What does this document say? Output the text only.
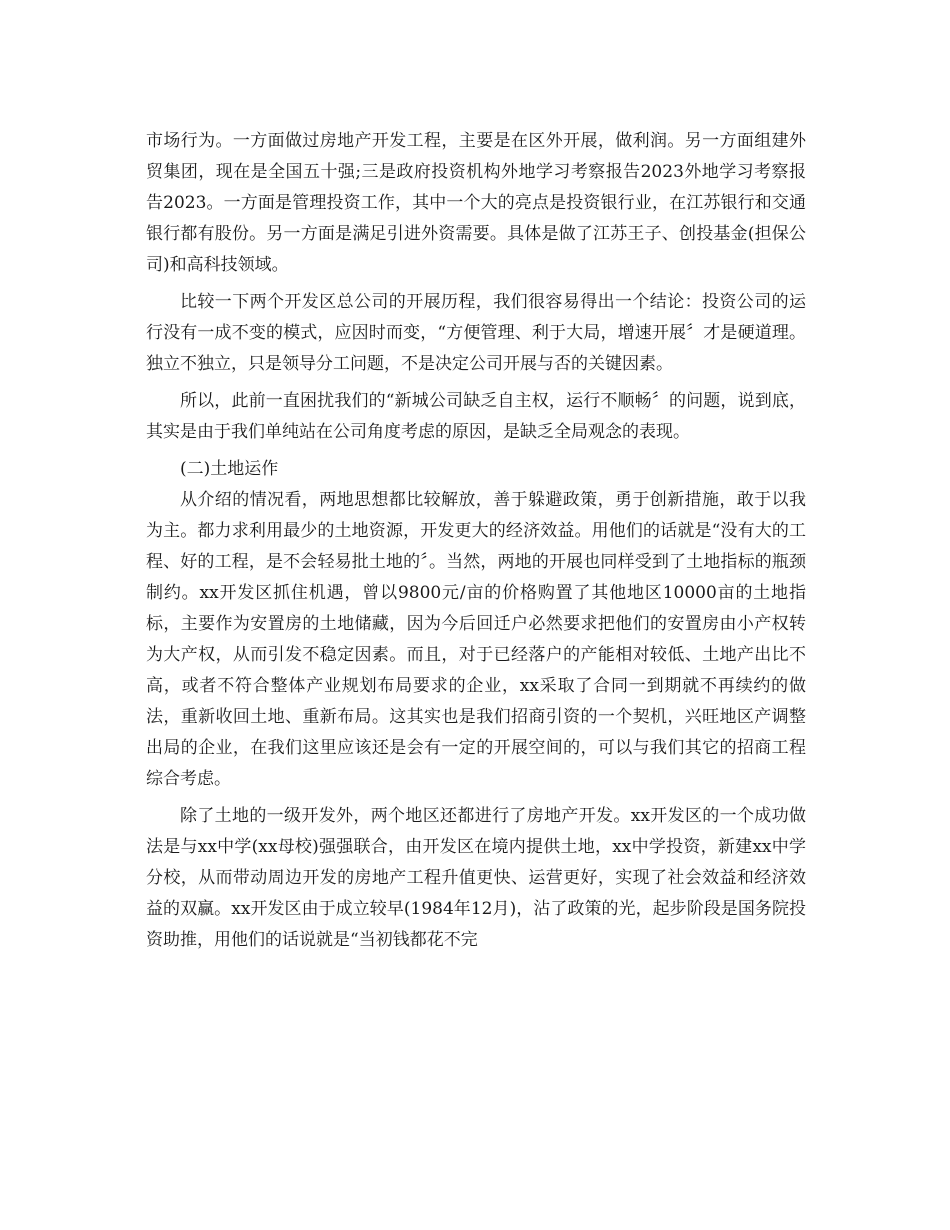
市场行为。一方面做过房地产开发工程，主要是在区外开展，做利润。另一方面组建外贸集团，现在是全国五十强;三是政府投资机构外地学习考察报告2023外地学习考察报告2023。一方面是管理投资工作，其中一个大的亮点是投资银行业，在江苏银行和交通银行都有股份。另一方面是满足引进外资需要。具体是做了江苏王子、创投基金(担保公司)和高科技领域。

比较一下两个开发区总公司的开展历程，我们很容易得出一个结论：投资公司的运行没有一成不变的模式，应因时而变，“方便管理、利于大局，增速开展〞才是硬道理。独立不独立，只是领导分工问题，不是决定公司开展与否的关键因素。

所以，此前一直困扰我们的“新城公司缺乏自主权，运行不顺畅〞的问题，说到底，其实是由于我们单纯站在公司角度考虑的原因，是缺乏全局观念的表现。

(二)土地运作

从介绍的情况看，两地思想都比较解放，善于躲避政策，勇于创新措施，敢于以我为主。都力求利用最少的土地资源，开发更大的经济效益。用他们的话就是“没有大的工程、好的工程，是不会轻易批土地的〞。当然，两地的开展也同样受到了土地指标的瓶颈制约。xx开发区抓住机遇，曾以9800元/亩的价格购置了其他地区10000亩的土地指标，主要作为安置房的土地储藏，因为今后回迁户必然要求把他们的安置房由小产权转为大产权，从而引发不稳定因素。而且，对于已经落户的产能相对较低、土地产出比不高，或者不符合整体产业规划布局要求的企业，xx采取了合同一到期就不再续约的做法，重新收回土地、重新布局。这其实也是我们招商引资的一个契机，兴旺地区产调整出局的企业，在我们这里应该还是会有一定的开展空间的，可以与我们其它的招商工程综合考虑。

除了土地的一级开发外，两个地区还都进行了房地产开发。xx开发区的一个成功做法是与xx中学(xx母校)强强联合，由开发区在境内提供土地，xx中学投资，新建xx中学分校，从而带动周边开发的房地产工程升值更快、运营更好，实现了社会效益和经济效益的双赢。xx开发区由于成立较早(1984年12月)，沾了政策的光，起步阶段是国务院投资助推，用他们的话说就是“当初钱都花不完
